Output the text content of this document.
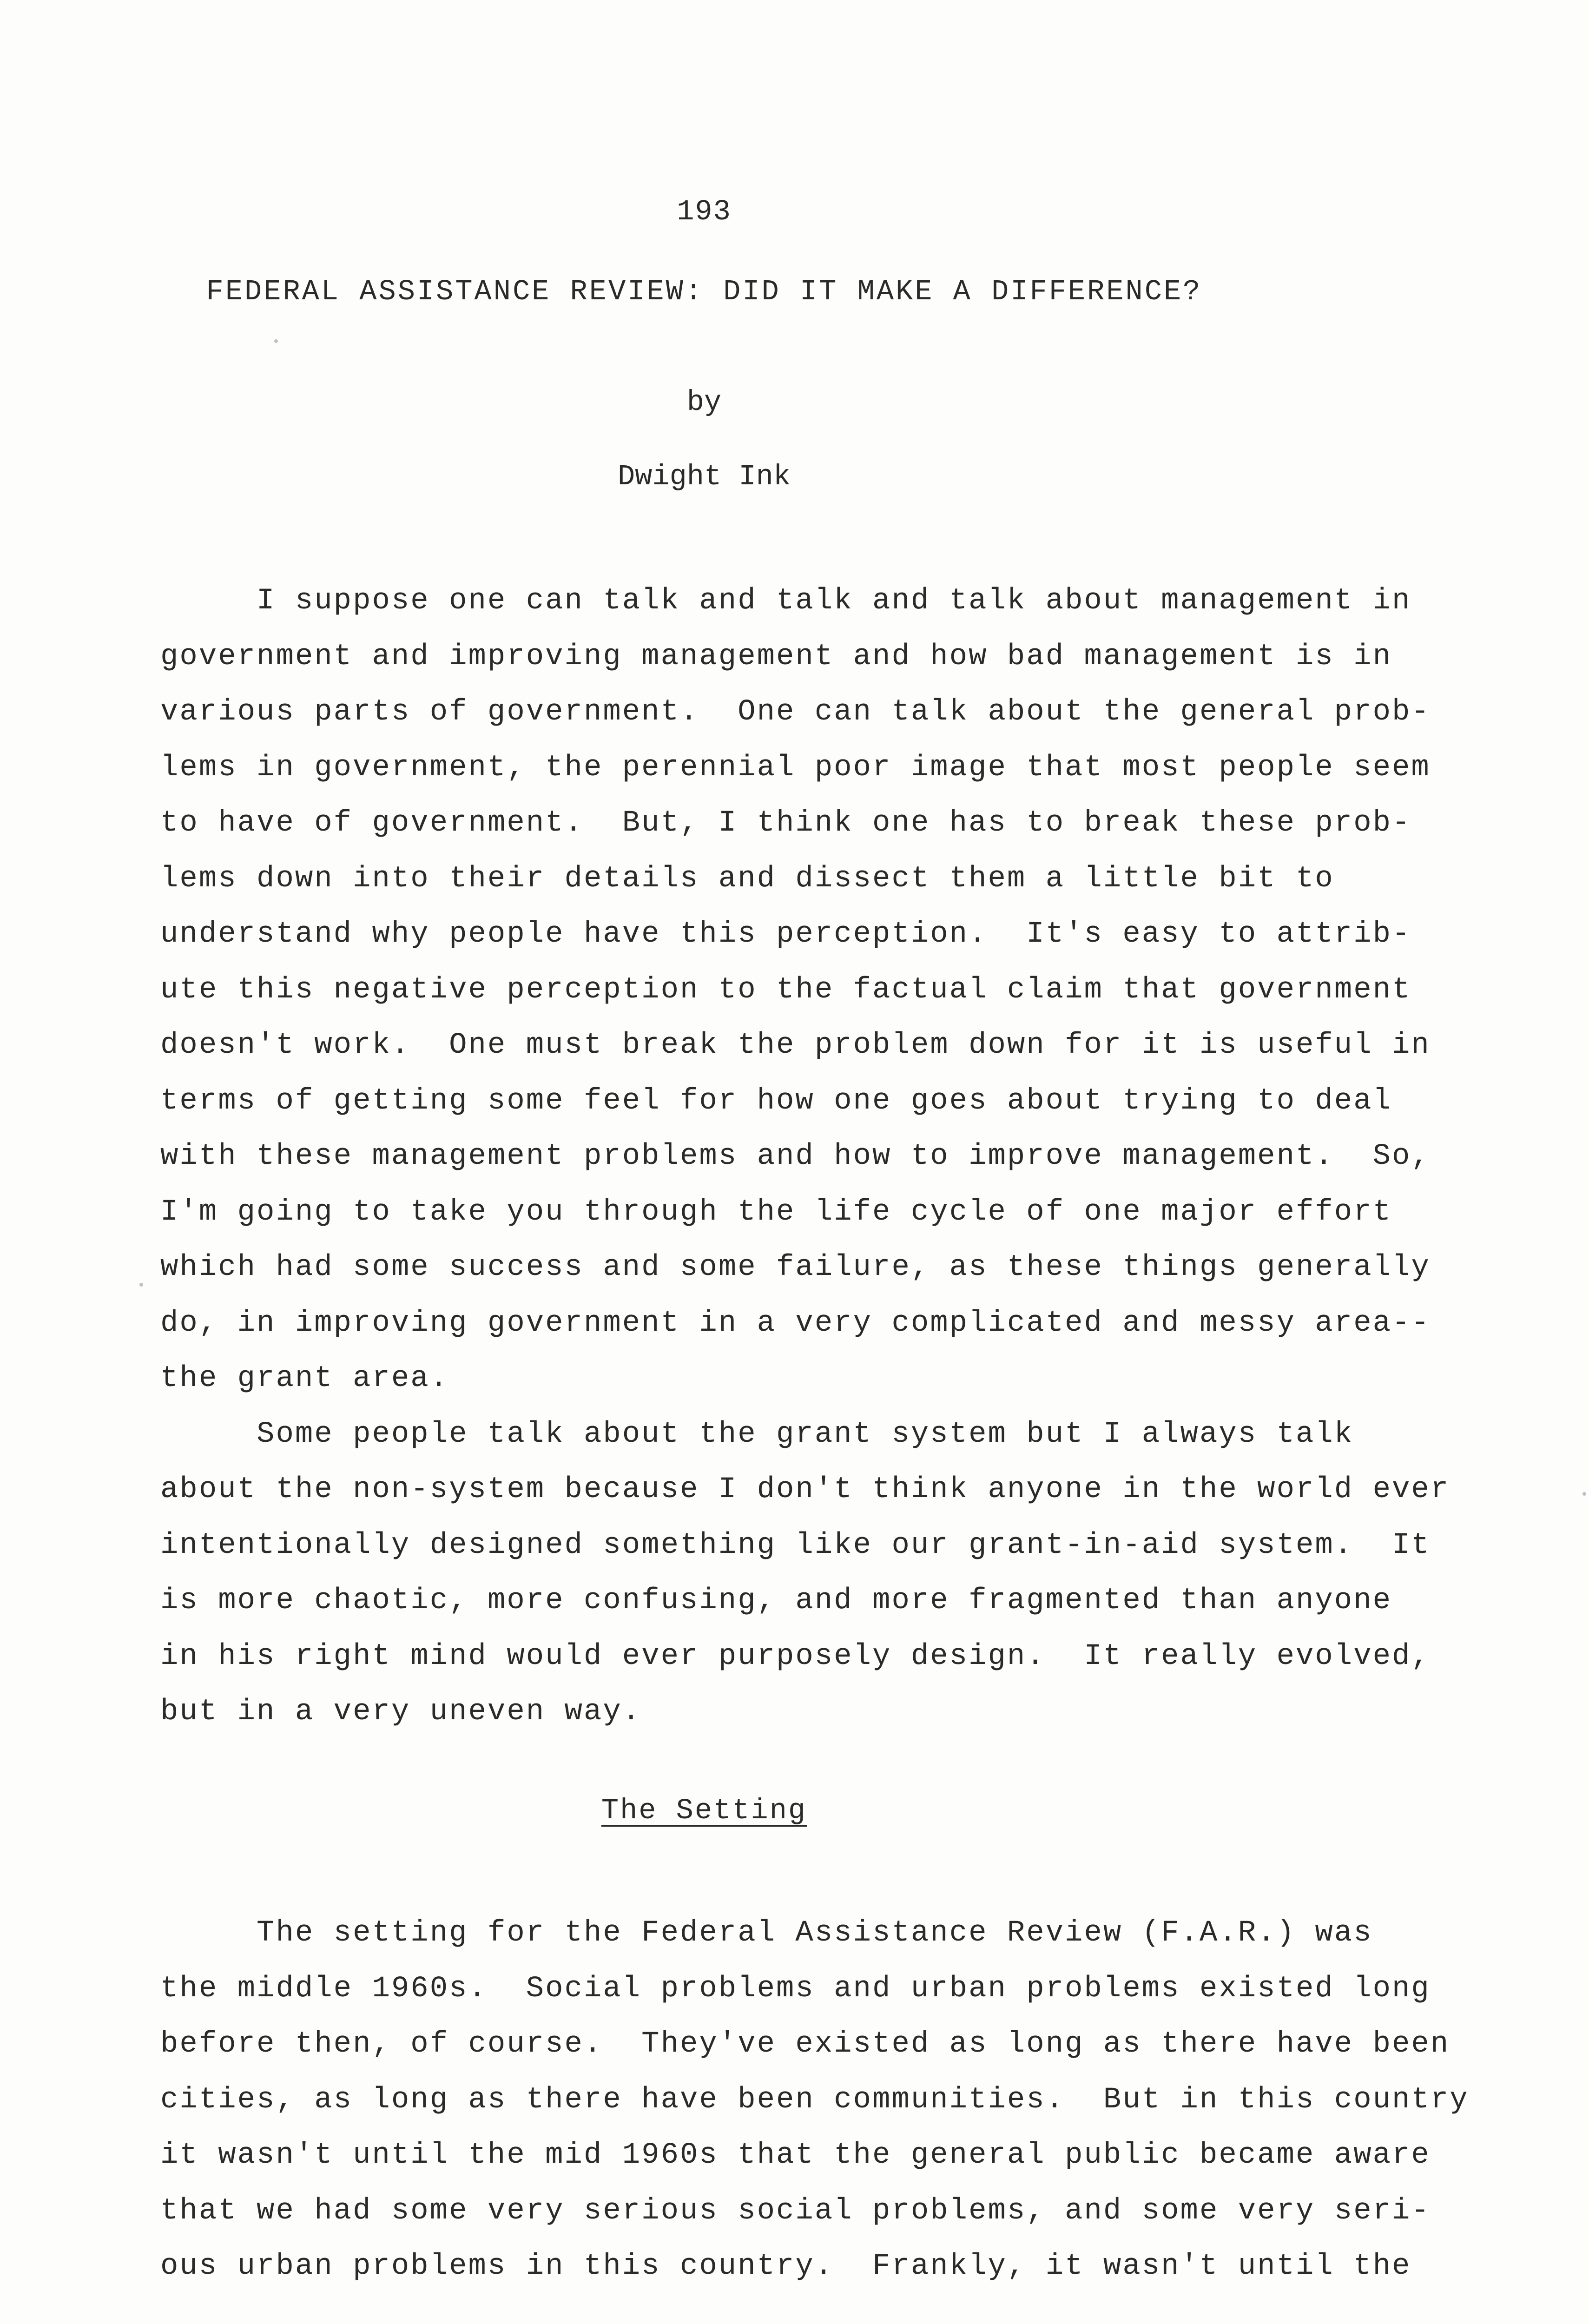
193
FEDERAL ASSISTANCE REVIEW: DID IT MAKE A DIFFERENCE?
by
Dwight Ink
I suppose one can talk and talk and talk about management in
government and improving management and how bad management is in
various parts of government.  One can talk about the general prob-
lems in government, the perennial poor image that most people seem
to have of government.  But, I think one has to break these prob-
lems down into their details and dissect them a little bit to
understand why people have this perception.  It's easy to attrib-
ute this negative perception to the factual claim that government
doesn't work.  One must break the problem down for it is useful in
terms of getting some feel for how one goes about trying to deal
with these management problems and how to improve management.  So,
I'm going to take you through the life cycle of one major effort
which had some success and some failure, as these things generally
do, in improving government in a very complicated and messy area--
the grant area.
Some people talk about the grant system but I always talk
about the non-system because I don't think anyone in the world ever
intentionally designed something like our grant-in-aid system.  It
is more chaotic, more confusing, and more fragmented than anyone
in his right mind would ever purposely design.  It really evolved,
but in a very uneven way.
The Setting
The setting for the Federal Assistance Review (F.A.R.) was
the middle 1960s.  Social problems and urban problems existed long
before then, of course.  They've existed as long as there have been
cities, as long as there have been communities.  But in this country
it wasn't until the mid 1960s that the general public became aware
that we had some very serious social problems, and some very seri-
ous urban problems in this country.  Frankly, it wasn't until the
